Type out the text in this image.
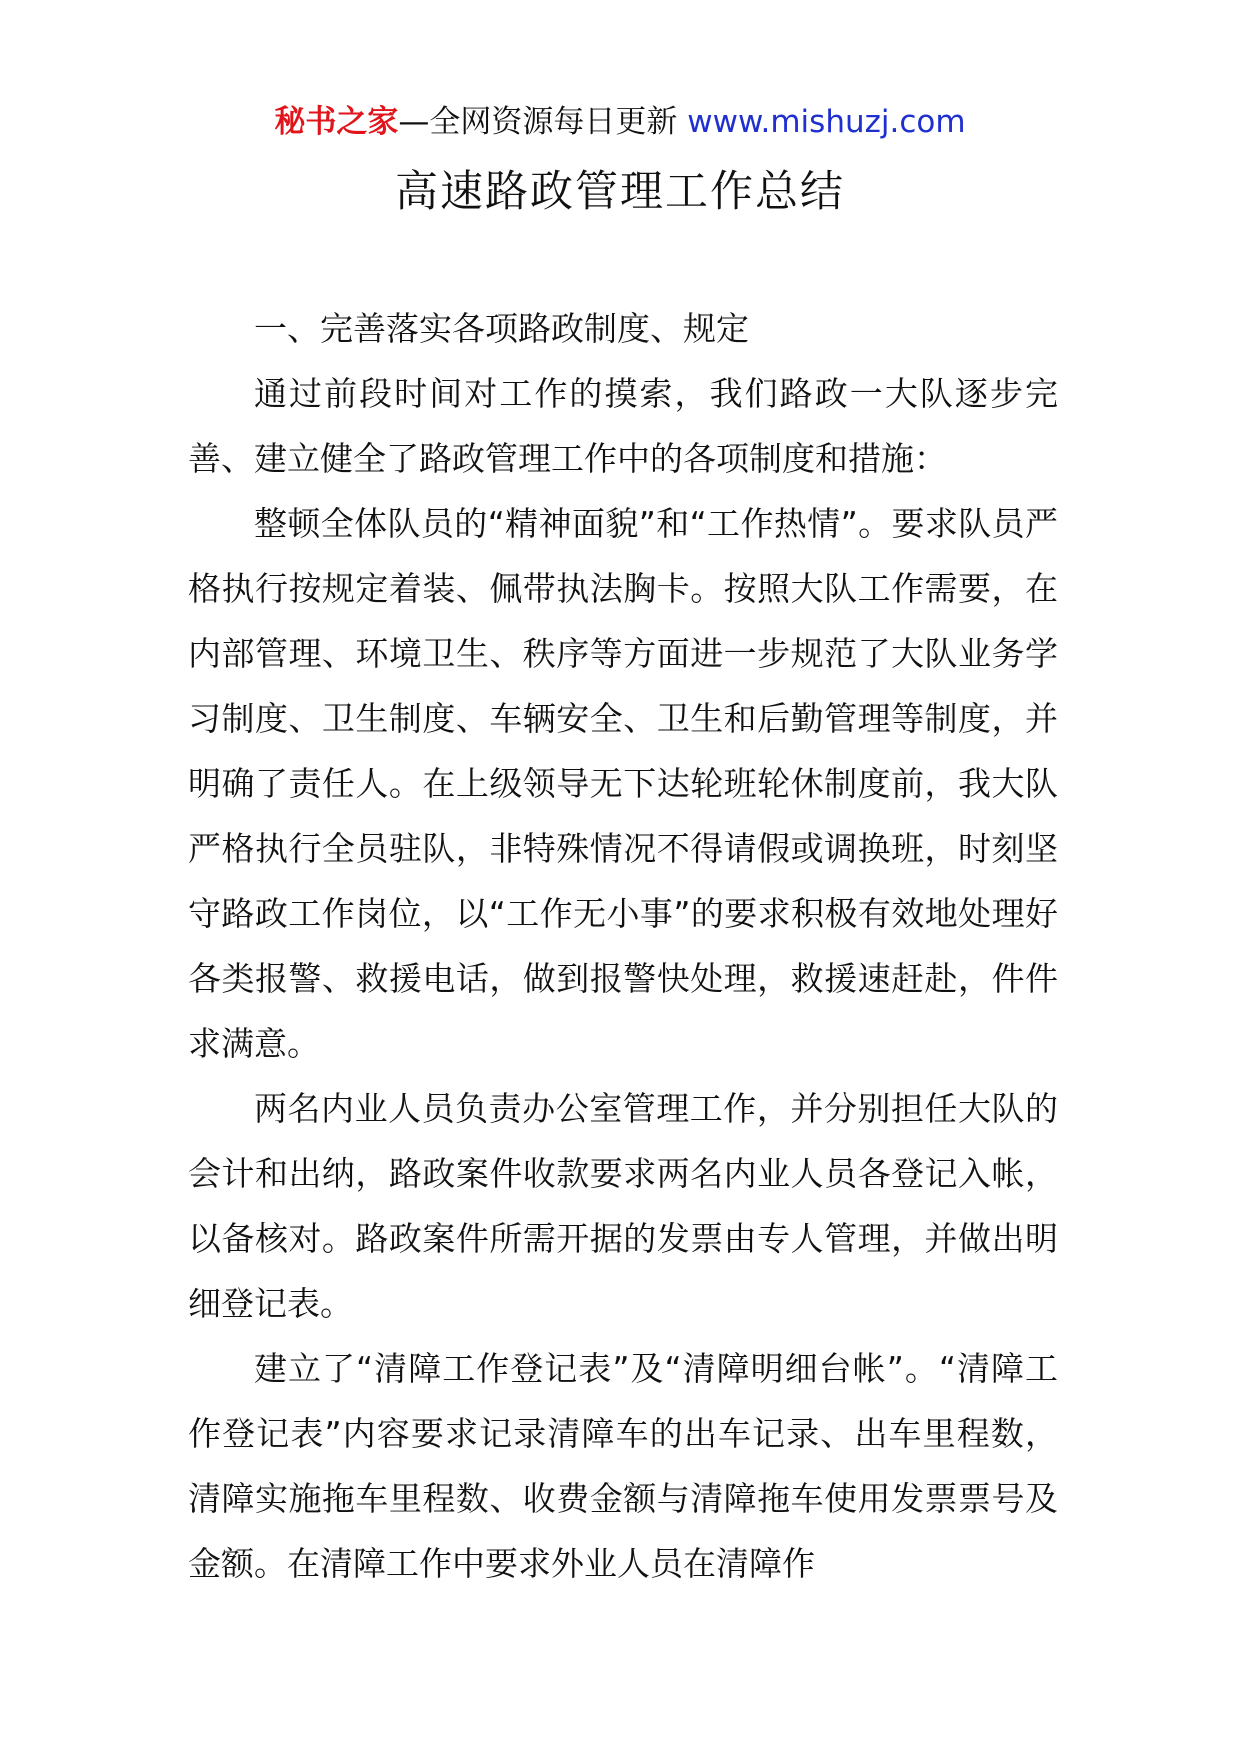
秘书之家—全网资源每日更新 www.mishuzj.com
高速路政管理工作总结

一、完善落实各项路政制度、规定

通过前段时间对工作的摸索，我们路政一大队逐步完善、建立健全了路政管理工作中的各项制度和措施：

整顿全体队员的“精神面貌”和“工作热情”。要求队员严格执行按规定着装、佩带执法胸卡。按照大队工作需要，在内部管理、环境卫生、秩序等方面进一步规范了大队业务学习制度、卫生制度、车辆安全、卫生和后勤管理等制度，并明确了责任人。在上级领导无下达轮班轮休制度前，我大队严格执行全员驻队，非特殊情况不得请假或调换班，时刻坚守路政工作岗位，以“工作无小事”的要求积极有效地处理好各类报警、救援电话，做到报警快处理，救援速赶赴，件件求满意。

两名内业人员负责办公室管理工作，并分别担任大队的会计和出纳，路政案件收款要求两名内业人员各登记入帐，以备核对。路政案件所需开据的发票由专人管理，并做出明细登记表。

建立了“清障工作登记表”及“清障明细台帐”。“清障工作登记表”内容要求记录清障车的出车记录、出车里程数，清障实施拖车里程数、收费金额与清障拖车使用发票票号及金额。在清障工作中要求外业人员在清障作
